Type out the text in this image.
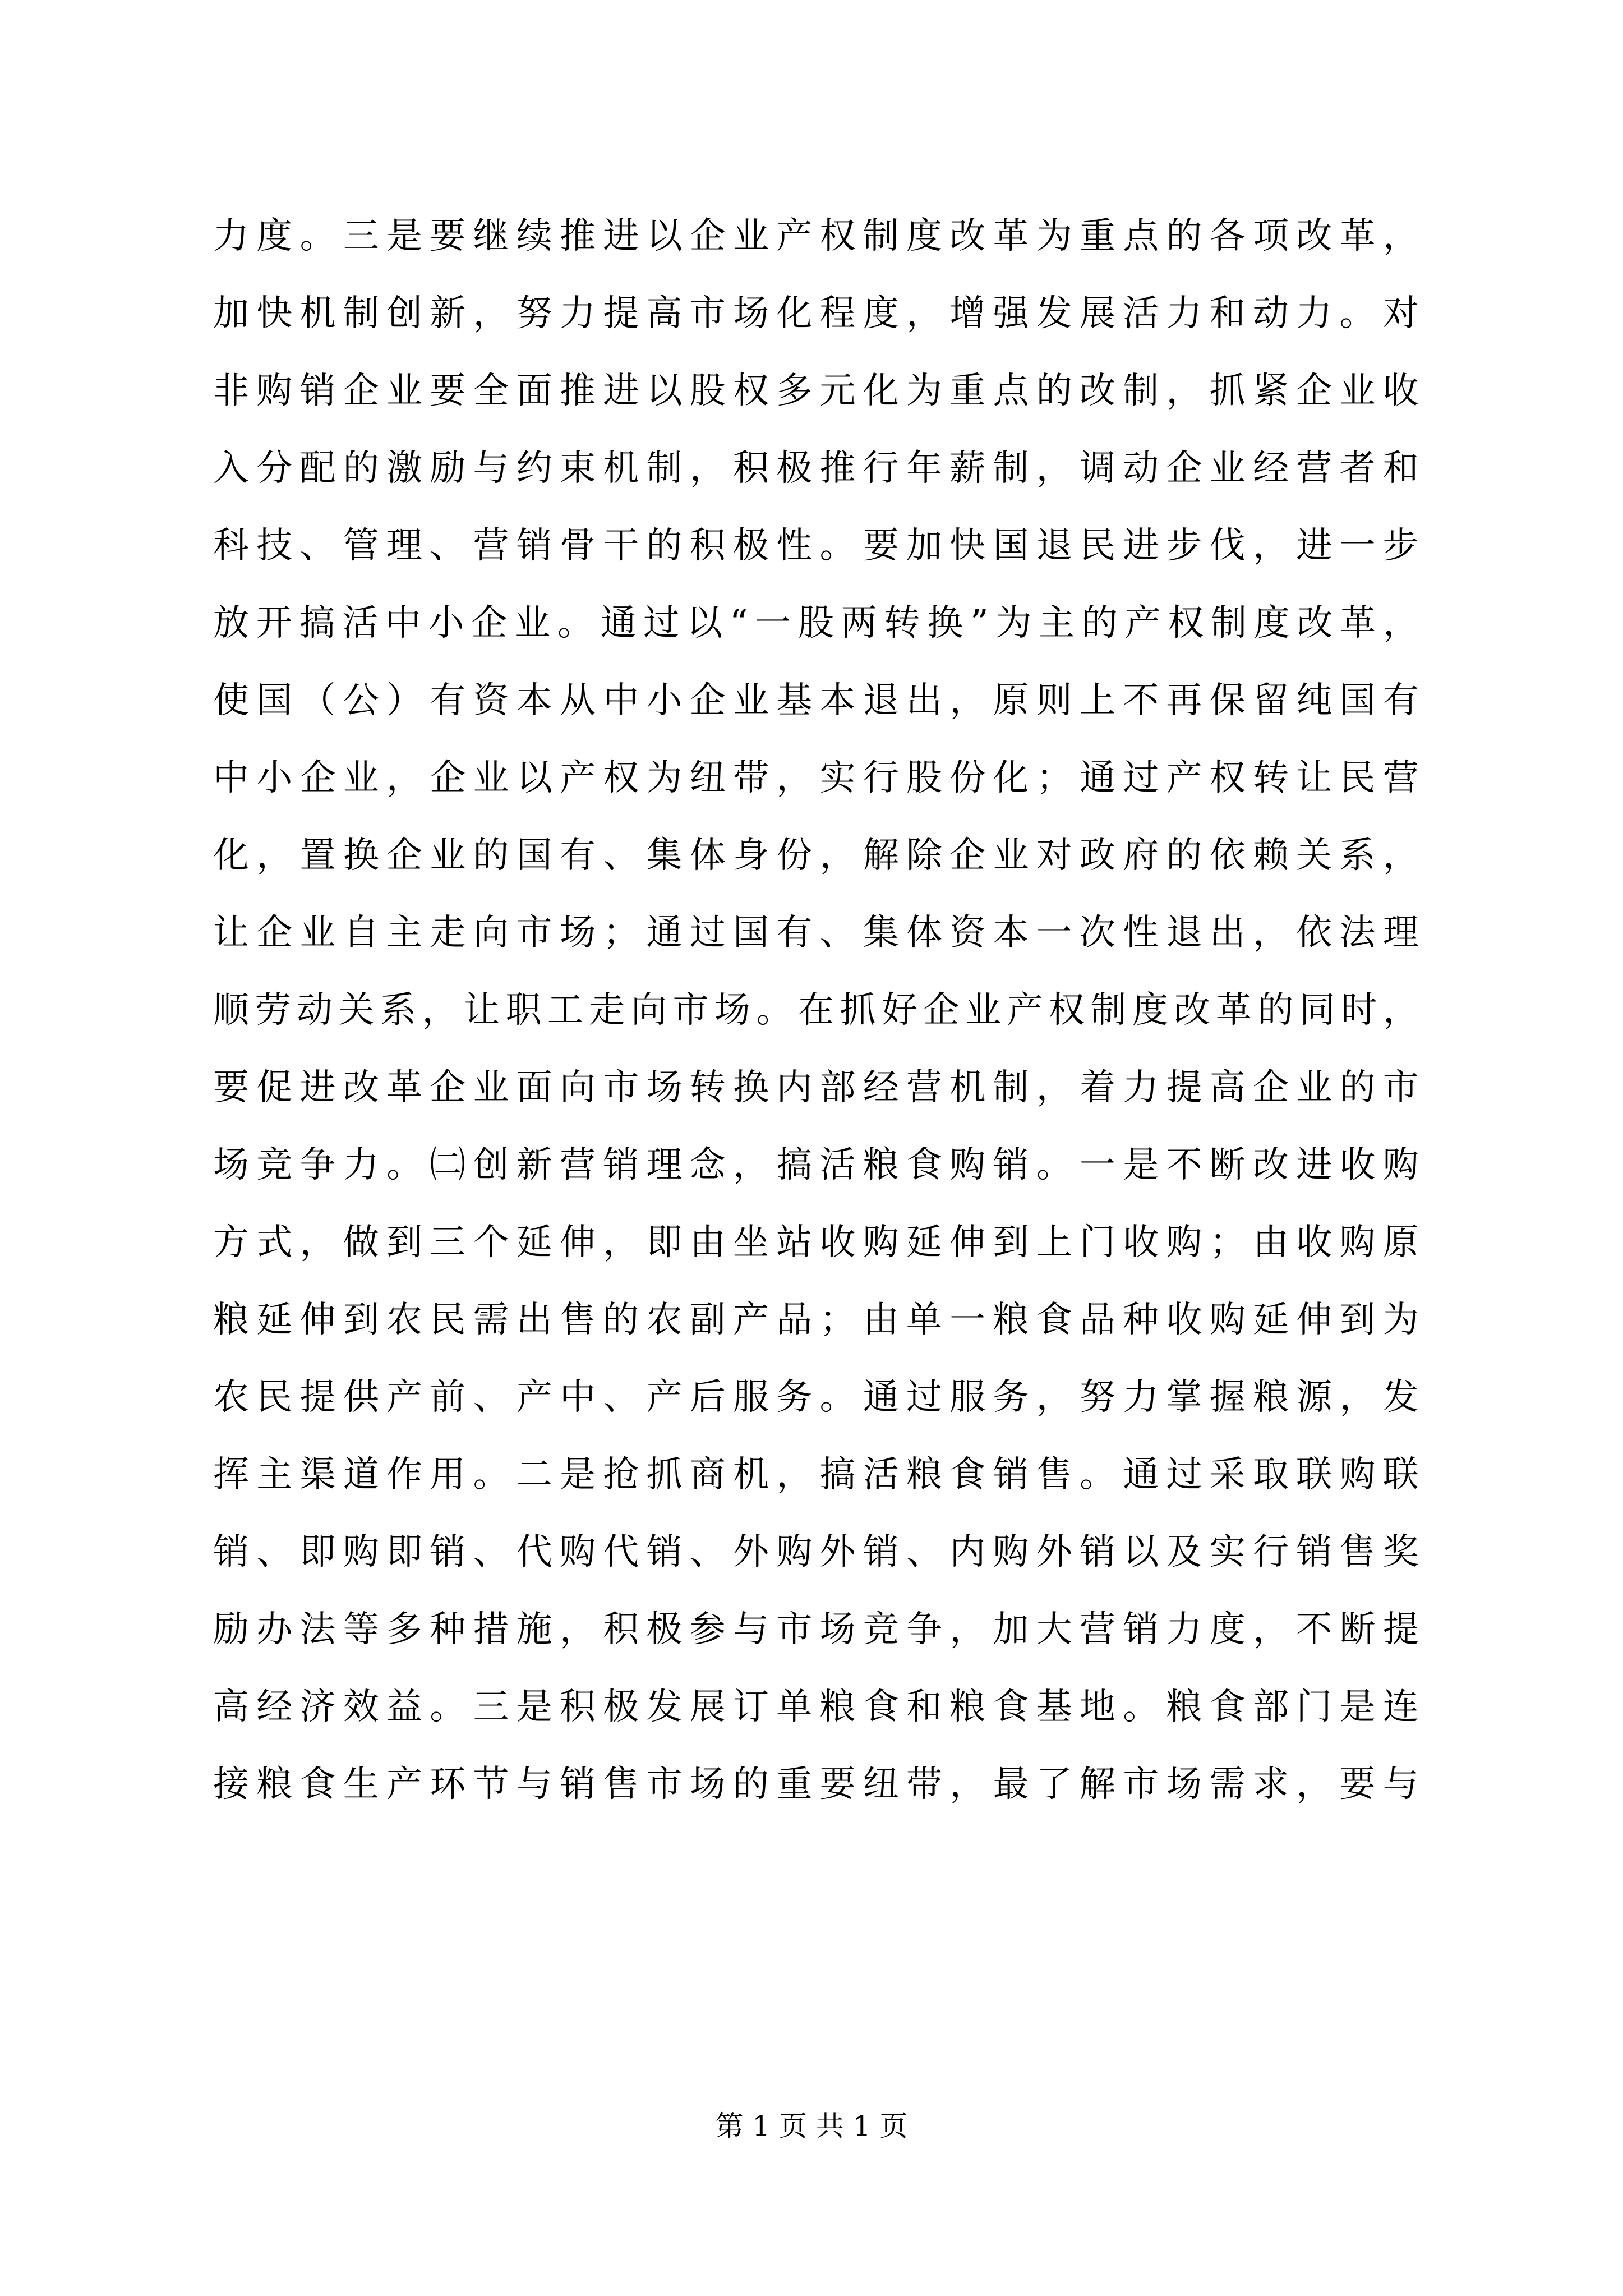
力 度 。 三 是 要 继 续 推 进 以 企 业 产 权 制 度 改 革 为 重 点 的 各 项 改 革 ，
加 快 机 制 创 新 ， 努 力 提 高 市 场 化 程 度 ， 增 强 发 展 活 力 和 动 力 。 对
非 购 销 企 业 要 全 面 推 进 以 股 权 多 元 化 为 重 点 的 改 制 ， 抓 紧 企 业 收
入 分 配 的 激 励 与 约 束 机 制 ， 积 极 推 行 年 薪 制 ， 调 动 企 业 经 营 者 和
科 技 、 管 理 、 营 销 骨 干 的 积 极 性 。 要 加 快 国 退 民 进 步 伐 ， 进 一 步
放 开 搞 活 中 小 企 业 。 通 过 以 “ 一 股 两 转 换 ” 为 主 的 产 权 制 度 改 革 ，
使 国 （ 公 ） 有 资 本 从 中 小 企 业 基 本 退 出 ， 原 则 上 不 再 保 留 纯 国 有
中 小 企 业 ， 企 业 以 产 权 为 纽 带 ， 实 行 股 份 化 ； 通 过 产 权 转 让 民 营
化 ， 置 换 企 业 的 国 有 、 集 体 身 份 ， 解 除 企 业 对 政 府 的 依 赖 关 系 ，
让 企 业 自 主 走 向 市 场 ； 通 过 国 有 、 集 体 资 本 一 次 性 退 出 ， 依 法 理
顺 劳 动 关 系 ， 让 职 工 走 向 市 场 。 在 抓 好 企 业 产 权 制 度 改 革 的 同 时 ，
要 促 进 改 革 企 业 面 向 市 场 转 换 内 部 经 营 机 制 ， 着 力 提 高 企 业 的 市
场 竞 争 力 。 ㈡ 创 新 营 销 理 念 ， 搞 活 粮 食 购 销 。 一 是 不 断 改 进 收 购
方 式 ， 做 到 三 个 延 伸 ， 即 由 坐 站 收 购 延 伸 到 上 门 收 购 ； 由 收 购 原
粮 延 伸 到 农 民 需 出 售 的 农 副 产 品 ； 由 单 一 粮 食 品 种 收 购 延 伸 到 为
农 民 提 供 产 前 、 产 中 、 产 后 服 务 。 通 过 服 务 ， 努 力 掌 握 粮 源 ， 发
挥 主 渠 道 作 用 。 二 是 抢 抓 商 机 ， 搞 活 粮 食 销 售 。 通 过 采 取 联 购 联
销 、 即 购 即 销 、 代 购 代 销 、 外 购 外 销 、 内 购 外 销 以 及 实 行 销 售 奖
励 办 法 等 多 种 措 施 ， 积 极 参 与 市 场 竞 争 ， 加 大 营 销 力 度 ， 不 断 提
高 经 济 效 益 。 三 是 积 极 发 展 订 单 粮 食 和 粮 食 基 地 。 粮 食 部 门 是 连
接 粮 食 生 产 环 节 与 销 售 市 场 的 重 要 纽 带 ， 最 了 解 市 场 需 求 ， 要 与
第 1 页 共 1 页
